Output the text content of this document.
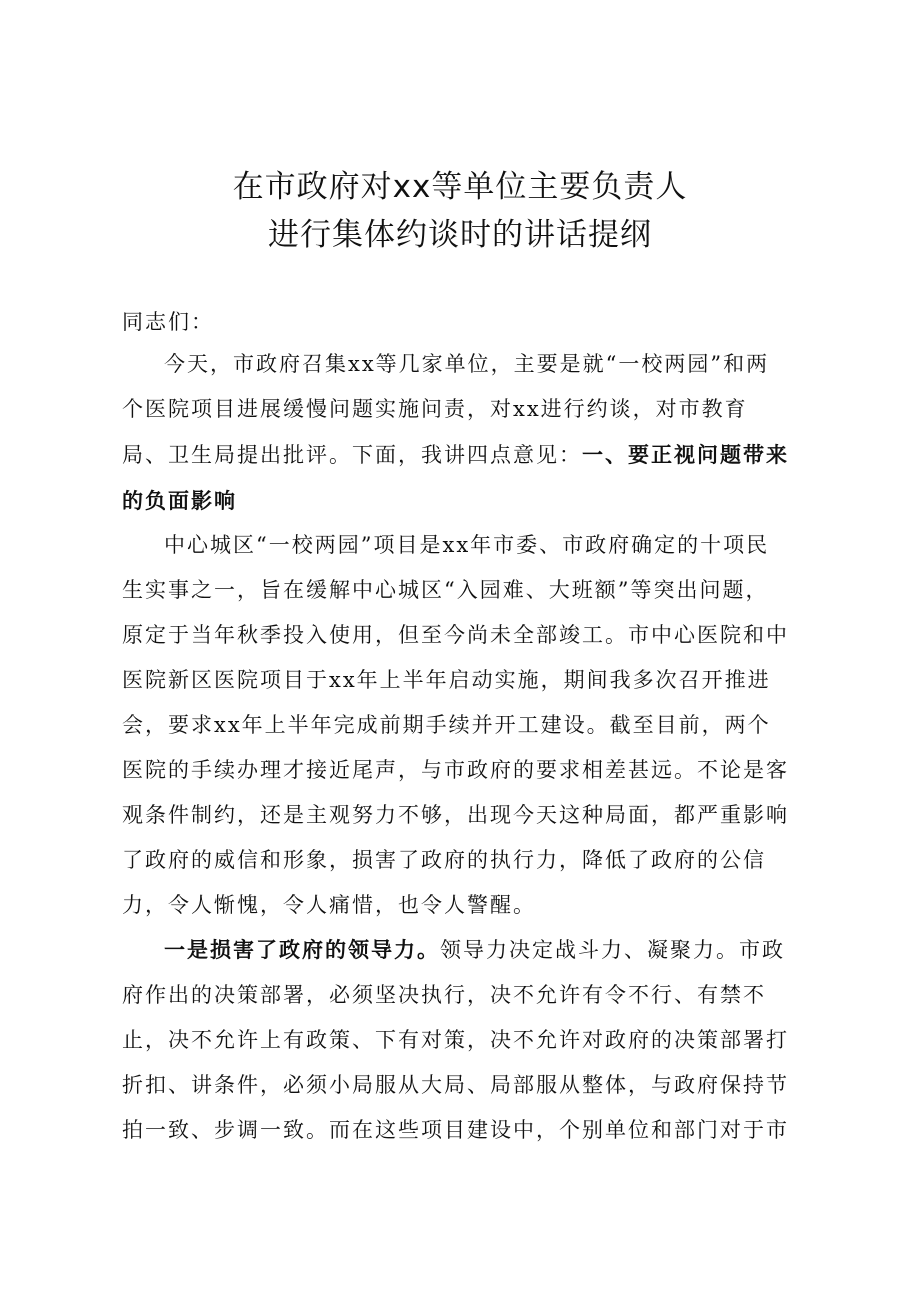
在市政府对xx等单位主要负责人
进行集体约谈时的讲话提纲

同志们：

今天，市政府召集xx等几家单位，主要是就“一校两园”和两
个医院项目进展缓慢问题实施问责，对xx进行约谈，对市教育
局、卫生局提出批评。下面，我讲四点意见：一、要正视问题带来
的负面影响
中心城区“一校两园”项目是xx年市委、市政府确定的十项民
生实事之一，旨在缓解中心城区“入园难、大班额”等突出问题，
原定于当年秋季投入使用，但至今尚未全部竣工。市中心医院和中
医院新区医院项目于xx年上半年启动实施，期间我多次召开推进
会，要求xx年上半年完成前期手续并开工建设。截至目前，两个
医院的手续办理才接近尾声，与市政府的要求相差甚远。不论是客
观条件制约，还是主观努力不够，出现今天这种局面，都严重影响
了政府的威信和形象，损害了政府的执行力，降低了政府的公信
力，令人惭愧，令人痛惜，也令人警醒。
一是损害了政府的领导力。领导力决定战斗力、凝聚力。市政
府作出的决策部署，必须坚决执行，决不允许有令不行、有禁不
止，决不允许上有政策、下有对策，决不允许对政府的决策部署打
折扣、讲条件，必须小局服从大局、局部服从整体，与政府保持节
拍一致、步调一致。而在这些项目建设中，个别单位和部门对于市
